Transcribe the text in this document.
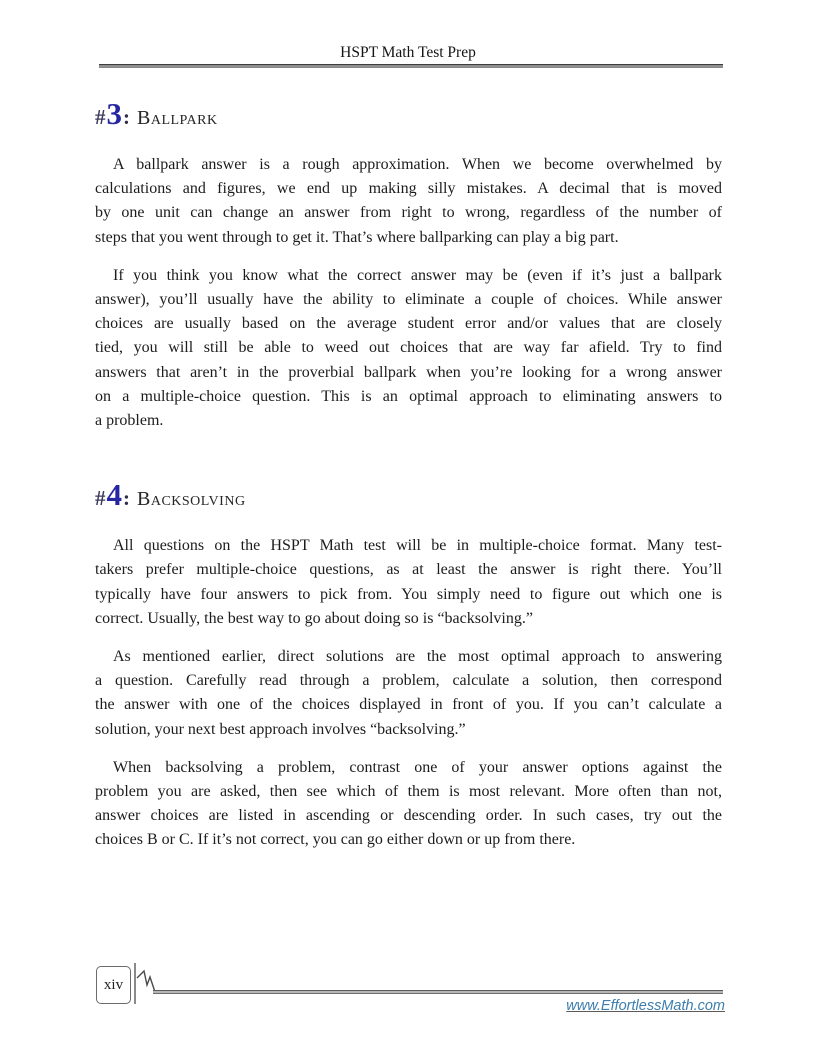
HSPT Math Test Prep
#3: Ballpark
A ballpark answer is a rough approximation. When we become overwhelmed by
calculations and figures, we end up making silly mistakes. A decimal that is moved
by one unit can change an answer from right to wrong, regardless of the number of
steps that you went through to get it. That’s where ballparking can play a big part.
If you think you know what the correct answer may be (even if it’s just a ballpark
answer), you’ll usually have the ability to eliminate a couple of choices. While answer
choices are usually based on the average student error and/or values that are closely
tied, you will still be able to weed out choices that are way far afield. Try to find
answers that aren’t in the proverbial ballpark when you’re looking for a wrong answer
on a multiple-choice question. This is an optimal approach to eliminating answers to
a problem.
#4: Backsolving
All questions on the HSPT Math test will be in multiple-choice format. Many test-
takers prefer multiple-choice questions, as at least the answer is right there. You’ll
typically have four answers to pick from. You simply need to figure out which one is
correct. Usually, the best way to go about doing so is “backsolving.”
As mentioned earlier, direct solutions are the most optimal approach to answering
a question. Carefully read through a problem, calculate a solution, then correspond
the answer with one of the choices displayed in front of you. If you can’t calculate a
solution, your next best approach involves “backsolving.”
When backsolving a problem, contrast one of your answer options against the
problem you are asked, then see which of them is most relevant. More often than not,
answer choices are listed in ascending or descending order. In such cases, try out the
choices B or C. If it’s not correct, you can go either down or up from there.
xiv
www.EffortlessMath.com
